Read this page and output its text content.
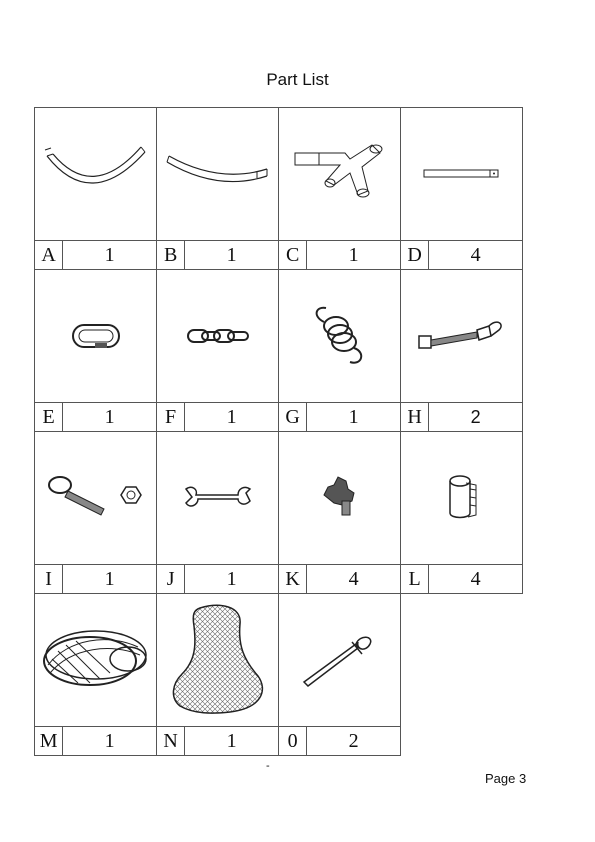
Part List

A	1	B	1	C	1	D	4

E	1	F	1	G	1	H	2

I	1	J	1	K	4	L	4

M	1	N	1	0	2		
-
Page 3
